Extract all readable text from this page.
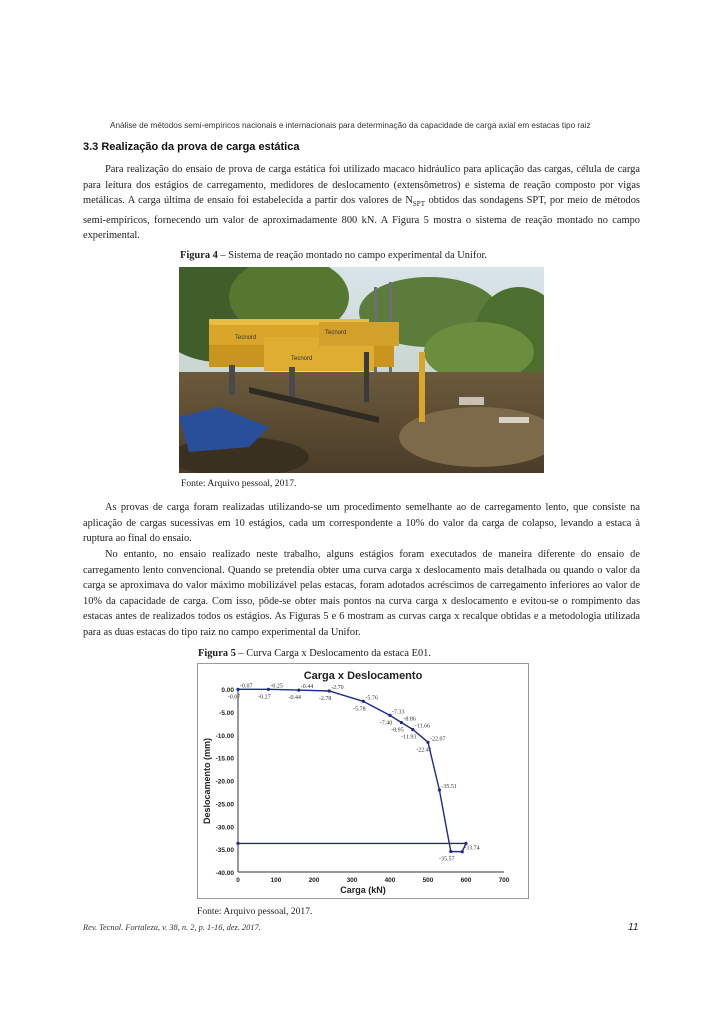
Análise de métodos semi-empíricos nacionais e internacionais para determinação da capacidade de carga axial em estacas tipo raiz
3.3 Realização da prova de carga estática

Para realização do ensaio de prova de carga estática foi utilizado macaco hidráulico para aplicação das cargas, célula de carga para leitura dos estágios de carregamento, medidores de deslocamento (extensômetros) e sistema de reação composto por vigas metálicas. A carga última de ensaio foi estabelecida a partir dos valores de $N_{SPT}$ obtidos das sondagens SPT, por meio de métodos semi-empíricos, fornecendo um valor de aproximadamente 800 kN. A Figura 5 mostra o sistema de reação montado no campo experimental.

Figura 4 – Sistema de reação montado no campo experimental da Unifor.
Tecnord
Tecnord
Tecnord
Fonte: Arquivo pessoal, 2017.

As provas de carga foram realizadas utilizando-se um procedimento semelhante ao de carregamento lento, que consiste na aplicação de cargas sucessivas em 10 estágios, cada um correspondente a 10% do valor da carga de colapso, levando a estaca à ruptura ao final do ensaio.

No entanto, no ensaio realizado neste trabalho, alguns estágios foram executados de maneira diferente do ensaio de carregamento lento convencional. Quando se pretendia obter uma curva carga x deslocamento mais detalhada ou quando o valor da carga se aproximava do valor máximo mobilizável pelas estacas, foram adotados acréscimos de carregamento inferiores ao valor de 10% da capacidade de carga. Com isso, pôde-se obter mais pontos na curva carga x deslocamento e evitou-se o rompimento das estacas antes de realizados todos os estágios. As Figuras 5 e 6 mostram as curvas carga x recalque obtidas e a metodologia utilizada para as duas estacas do tipo raiz no campo experimental da Unifor.

Figura 5 – Curva Carga x Deslocamento da estaca E01.
Carga x Deslocamento
Carga (kN)
Deslocamento (mm)
0.00
-5.00
-10.00
-15.00
-20.00
-25.00
-30.00
-35.00
-40.00
0	100	200	300	400	500	600	700
-0.07
-0.07
-0.25
-0.27
-0.44
-0.44
-2.70
-2.78	-5.76
-5.78	-7.33
-7.40
-8.86
-8.95
-11.66
-11.93 -22.07
-22.41
-35.51
-35.57
-33.74
Fonte: Arquivo pessoal, 2017.
Rev. Tecnol. Fortaleza, v. 38, n. 2, p. 1-16, dez. 2017.	11
